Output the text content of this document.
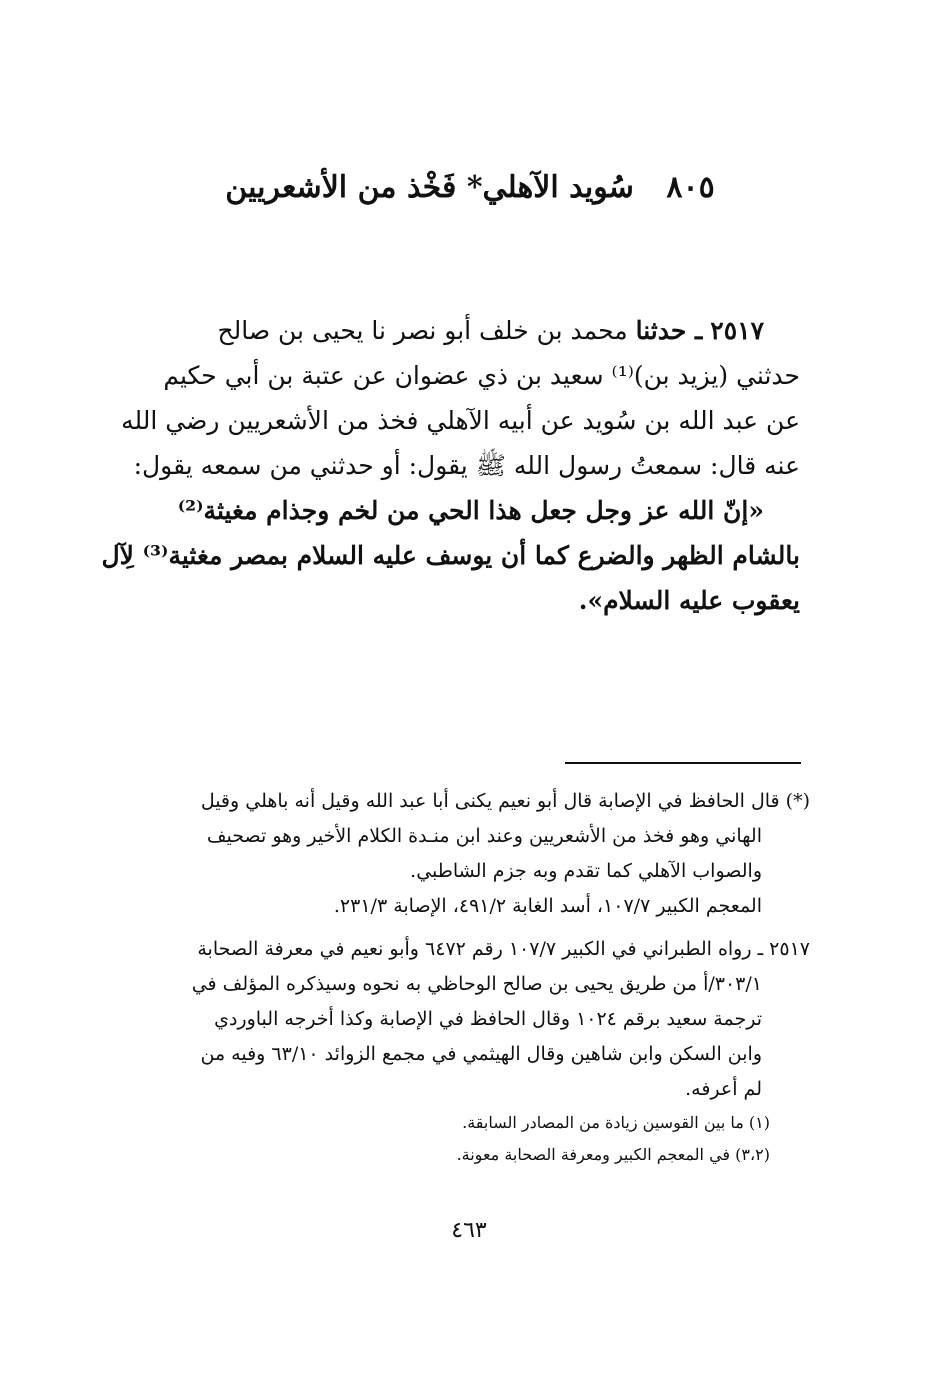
٨٠٥ سُويد الآهلي* فَخْذ من الأشعريين
٢٥١٧ ـ حدثنا محمد بن خلف أبو نصر نا يحيى بن صالح
حدثني (يزيد بن)⁽¹⁾ سعيد بن ذي عضوان عن عتبة بن أبي حكيم
عن عبد الله بن سُويد عن أبيه الآهلي فخذ من الأشعريين رضي الله
عنه قال: سمعتُ رسول الله ﷺ يقول: أو حدثني من سمعه يقول:
«إنّ الله عز وجل جعل هذا الحي من لخم وجذام مغيثة⁽²⁾
بالشام الظهر والضرع كما أن يوسف عليه السلام بمصر مغثية⁽³⁾ لِآل
يعقوب عليه السلام».
(*) قال الحافظ في الإصابة قال أبو نعيم يكنى أبا عبد الله وقيل أنه باهلي وقيل
الهاني وهو فخذ من الأشعريين وعند ابن منـدة الكلام الأخير وهو تصحيف
والصواب الآهلي كما تقدم وبه جزم الشاطبي.
المعجم الكبير ١٠٧/٧، أسد الغابة ٤٩١/٢، الإصابة ٢٣١/٣.
٢٥١٧ ـ رواه الطبراني في الكبير ١٠٧/٧ رقم ٦٤٧٢ وأبو نعيم في معرفة الصحابة
٣٠٣/١/أ من طريق يحيى بن صالح الوحاظي به نحوه وسيذكره المؤلف في
ترجمة سعيد برقم ١٠٢٤ وقال الحافظ في الإصابة وكذا أخرجه الباوردي
وابن السكن وابن شاهين وقال الهيثمي في مجمع الزوائد ٦٣/١٠ وفيه من
لم أعرفه.
(١) ما بين القوسين زيادة من المصادر السابقة.
(٣،٢) في المعجم الكبير ومعرفة الصحابة معونة.
٤٦٣
